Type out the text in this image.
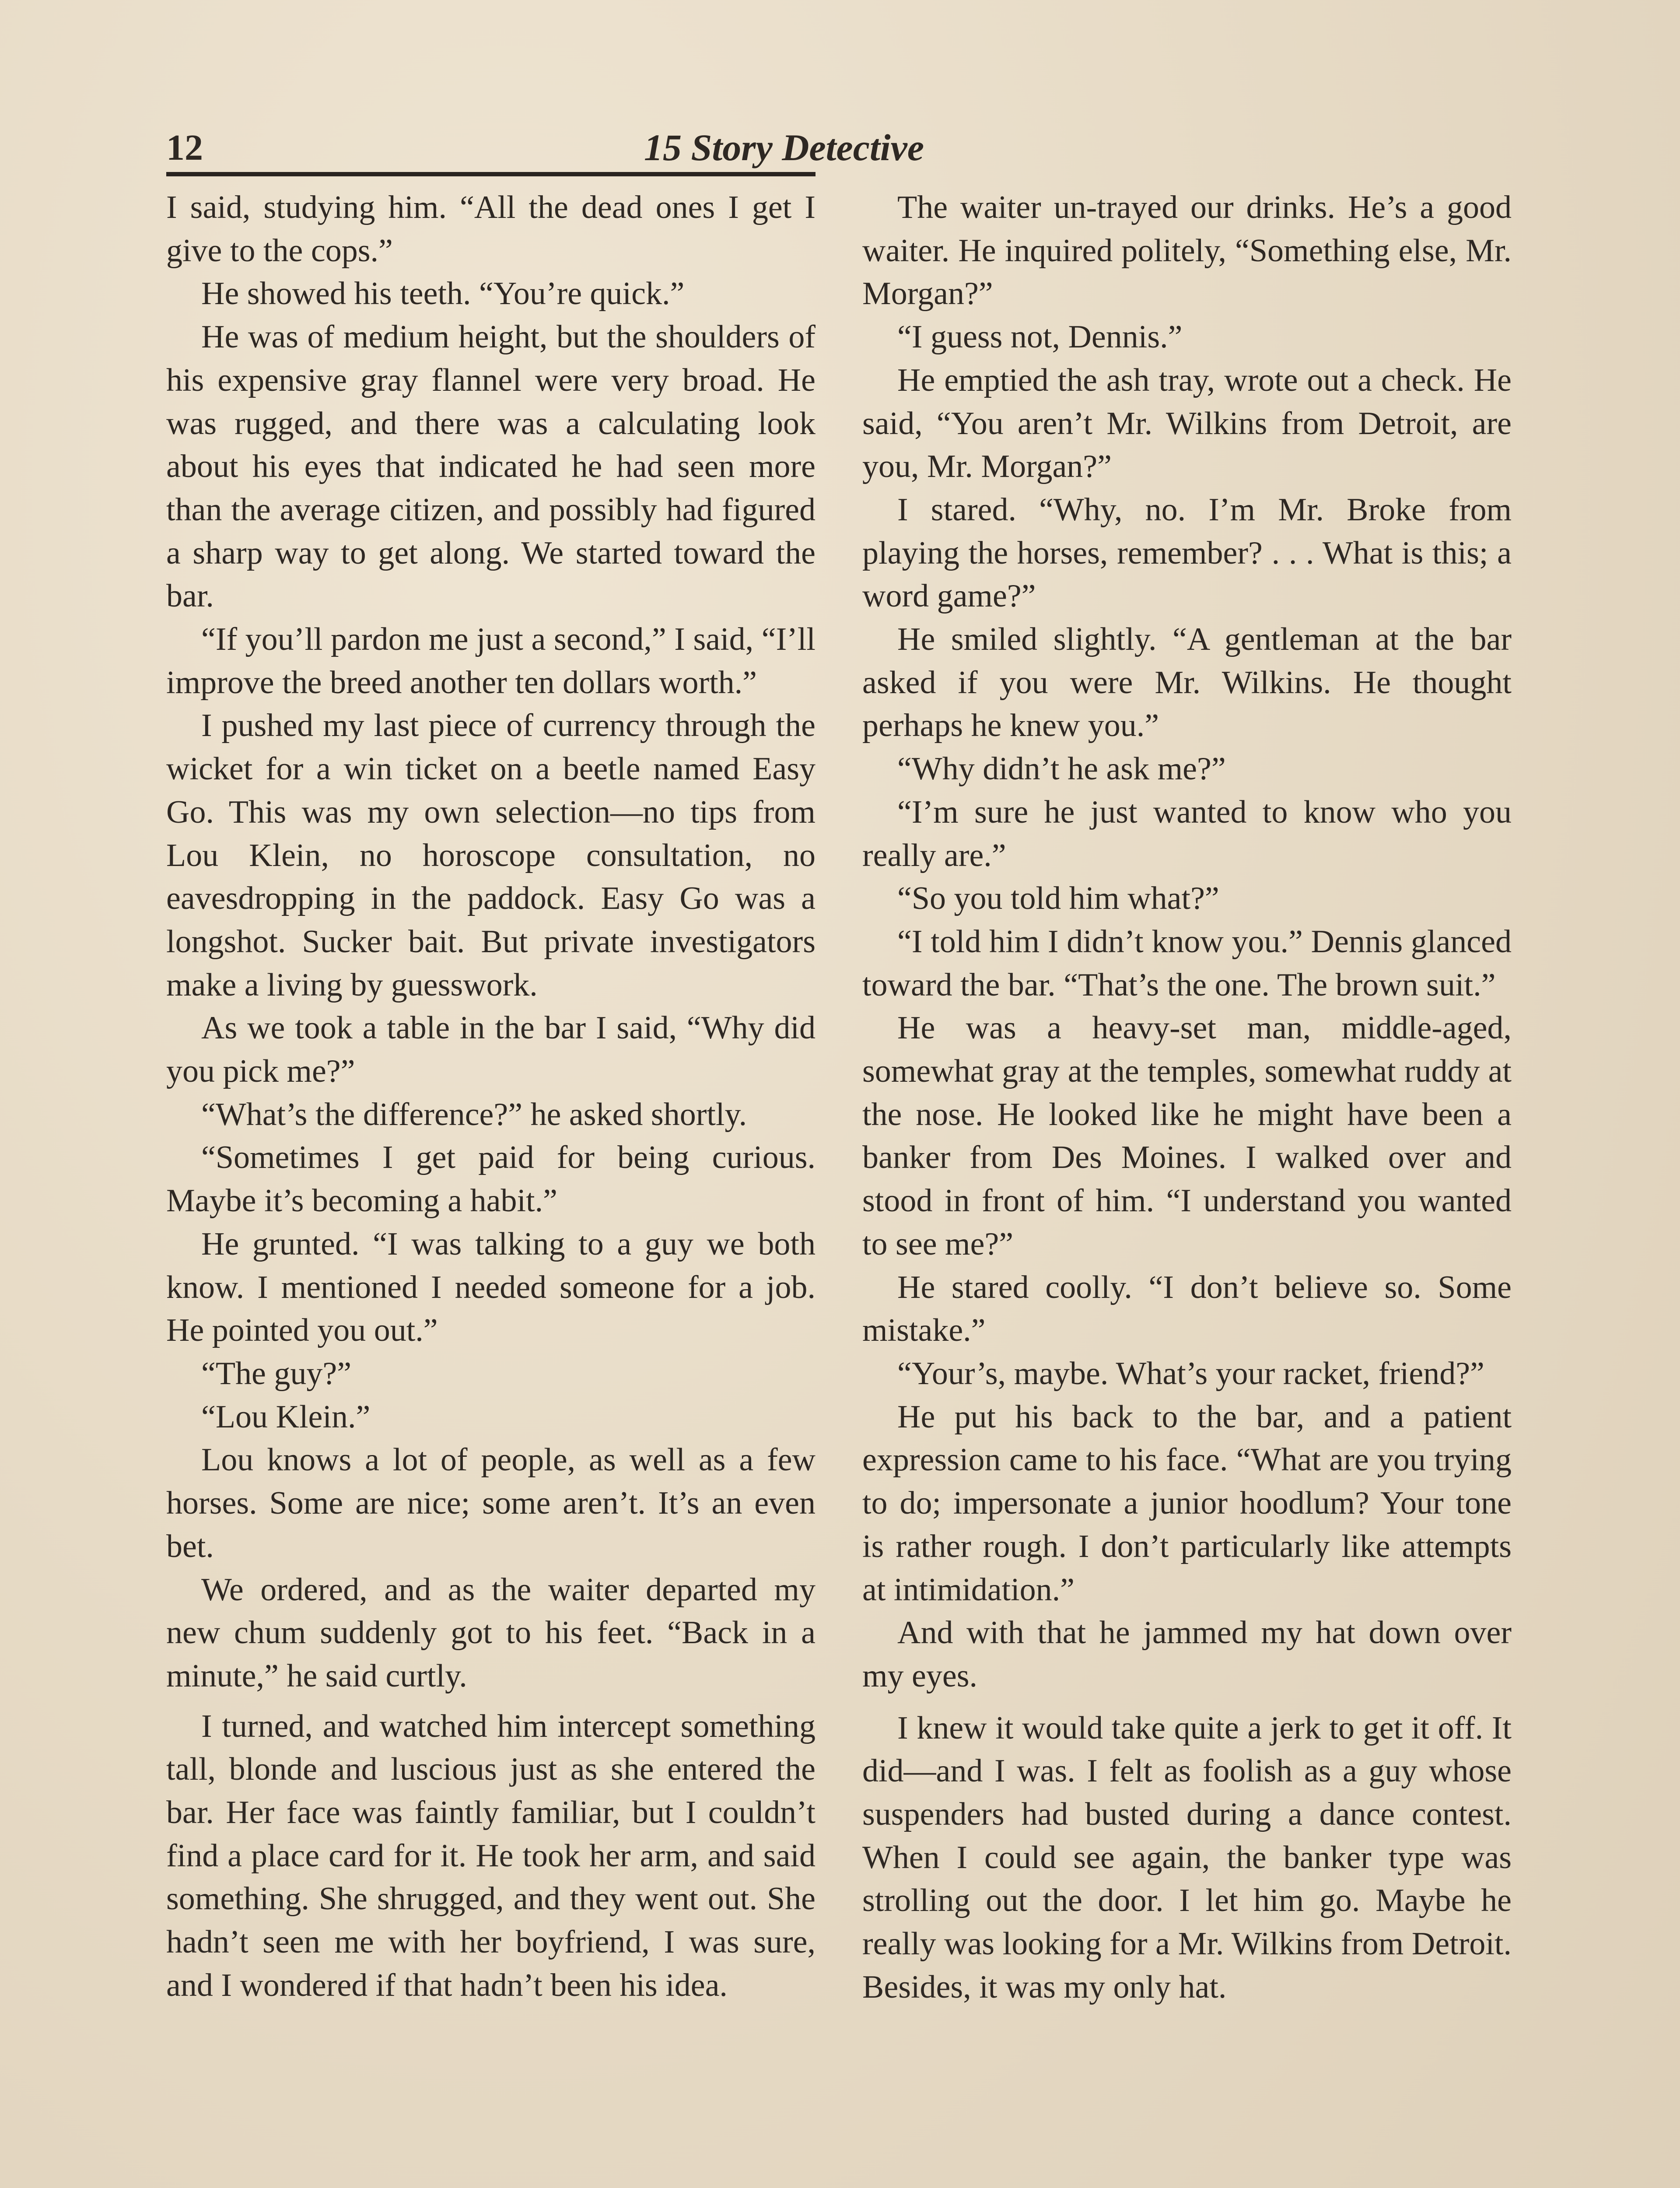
12	15 Story Detective

I said, studying him. “All the dead ones I get I give to the cops.”

He showed his teeth. “You’re quick.”

He was of medium height, but the shoulders of his expensive gray flannel were very broad. He was rugged, and there was a calculating look about his eyes that indicated he had seen more than the average citizen, and possibly had figured a sharp way to get along. We started toward the bar.

“If you’ll pardon me just a second,” I said, “I’ll improve the breed another ten dollars worth.”

I pushed my last piece of currency through the wicket for a win ticket on a beetle named Easy Go. This was my own selection—no tips from Lou Klein, no horoscope consultation, no eavesdropping in the paddock. Easy Go was a longshot. Sucker bait. But private investigators make a living by guesswork.

As we took a table in the bar I said, “Why did you pick me?”

“What’s the difference?” he asked shortly.

“Sometimes I get paid for being curious. Maybe it’s becoming a habit.”

He grunted. “I was talking to a guy we both know. I mentioned I needed someone for a job. He pointed you out.”

“The guy?”

“Lou Klein.”

Lou knows a lot of people, as well as a few horses. Some are nice; some aren’t. It’s an even bet.

We ordered, and as the waiter departed my new chum suddenly got to his feet. “Back in a minute,” he said curtly.

I turned, and watched him intercept something tall, blonde and luscious just as she entered the bar. Her face was faintly familiar, but I couldn’t find a place card for it. He took her arm, and said something. She shrugged, and they went out. She hadn’t seen me with her boyfriend, I was sure, and I wondered if that hadn’t been his idea.

The waiter un-trayed our drinks. He’s a good waiter. He inquired politely, “Something else, Mr. Morgan?”

“I guess not, Dennis.”

He emptied the ash tray, wrote out a check. He said, “You aren’t Mr. Wilkins from Detroit, are you, Mr. Morgan?”

I stared. “Why, no. I’m Mr. Broke from playing the horses, remember? . . . What is this; a word game?”

He smiled slightly. “A gentleman at the bar asked if you were Mr. Wilkins. He thought perhaps he knew you.”

“Why didn’t he ask me?”

“I’m sure he just wanted to know who you really are.”

“So you told him what?”

“I told him I didn’t know you.” Dennis glanced toward the bar. “That’s the one. The brown suit.”

He was a heavy-set man, middle-aged, somewhat gray at the temples, somewhat ruddy at the nose. He looked like he might have been a banker from Des Moines. I walked over and stood in front of him. “I understand you wanted to see me?”

He stared coolly. “I don’t believe so. Some mistake.”

“Your’s, maybe. What’s your racket, friend?”

He put his back to the bar, and a patient expression came to his face. “What are you trying to do; impersonate a junior hoodlum? Your tone is rather rough. I don’t particularly like attempts at intimidation.”

And with that he jammed my hat down over my eyes.

I knew it would take quite a jerk to get it off. It did—and I was. I felt as foolish as a guy whose suspenders had busted during a dance contest. When I could see again, the banker type was strolling out the door. I let him go. Maybe he really was looking for a Mr. Wilkins from Detroit. Besides, it was my only hat.
